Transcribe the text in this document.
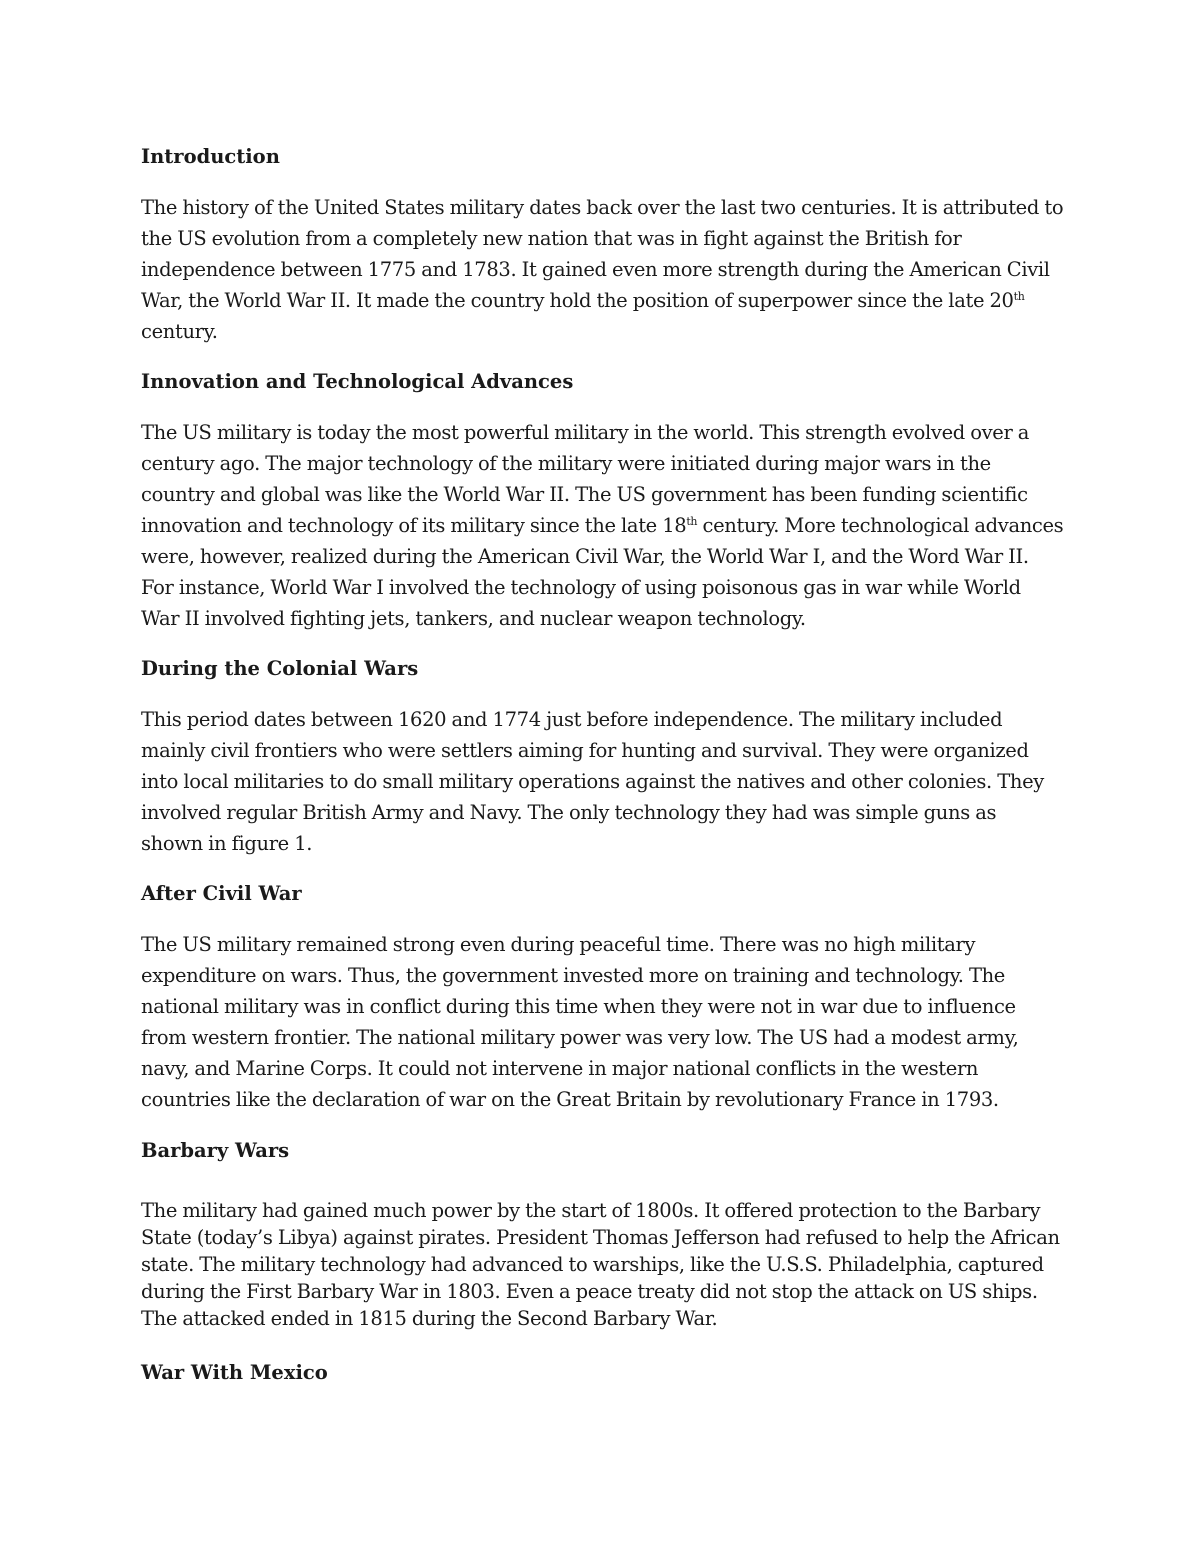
Introduction
The history of the United States military dates back over the last two centuries. It is attributed to
the US evolution from a completely new nation that was in fight against the British for
independence between 1775 and 1783. It gained even more strength during the American Civil
War, the World War II. It made the country hold the position of superpower since the late 20th
century.
Innovation and Technological Advances
The US military is today the most powerful military in the world. This strength evolved over a
century ago. The major technology of the military were initiated during major wars in the
country and global was like the World War II. The US government has been funding scientific
innovation and technology of its military since the late 18th century. More technological advances
were, however, realized during the American Civil War, the World War I, and the Word War II.
For instance, World War I involved the technology of using poisonous gas in war while World
War II involved fighting jets, tankers, and nuclear weapon technology.
During the Colonial Wars
This period dates between 1620 and 1774 just before independence. The military included
mainly civil frontiers who were settlers aiming for hunting and survival. They were organized
into local militaries to do small military operations against the natives and other colonies. They
involved regular British Army and Navy. The only technology they had was simple guns as
shown in figure 1.
After Civil War
The US military remained strong even during peaceful time. There was no high military
expenditure on wars. Thus, the government invested more on training and technology. The
national military was in conflict during this time when they were not in war due to influence
from western frontier. The national military power was very low. The US had a modest army,
navy, and Marine Corps. It could not intervene in major national conflicts in the western
countries like the declaration of war on the Great Britain by revolutionary France in 1793.
Barbary Wars
The military had gained much power by the start of 1800s. It offered protection to the Barbary
State (today’s Libya) against pirates. President Thomas Jefferson had refused to help the African
state. The military technology had advanced to warships, like the U.S.S. Philadelphia, captured
during the First Barbary War in 1803. Even a peace treaty did not stop the attack on US ships.
The attacked ended in 1815 during the Second Barbary War.
War With Mexico
